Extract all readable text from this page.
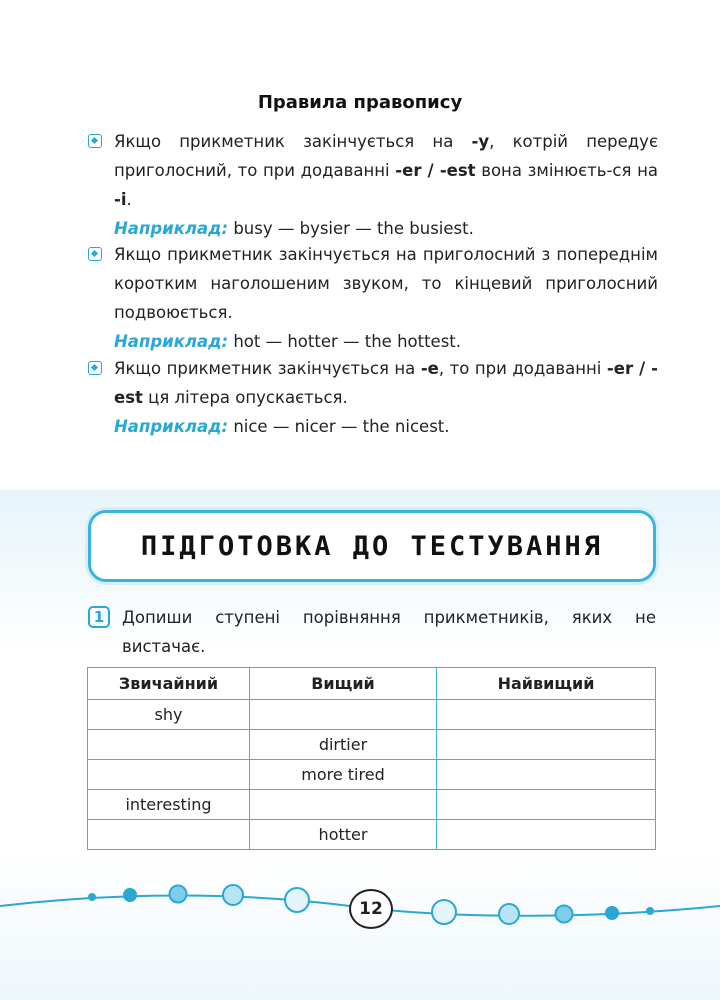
Правила правопису
Якщо прикметник закінчується на -y, котрій передує приголосний, то при додаванні -er / -est вона змінюєть-ся на -i.
Наприклад: busy — bysier — the busiest.
Якщо прикметник закінчується на приголосний з попереднім коротким наголошеним звуком, то кінцевий приголосний подвоюється.
Наприклад: hot — hotter — the hottest.
Якщо прикметник закінчується на -e, то при додаванні -er / -est ця літера опускається.
Наприклад: nice — nicer — the nicest.
ПІДГОТОВКА ДО ТЕСТУВАННЯ
1	Допиши ступені порівняння прикметників, яких не вистачає.
Звичайний	Вищий	Найвищий
shy		
	dirtier	
	more tired	
interesting		
	hotter	
12
